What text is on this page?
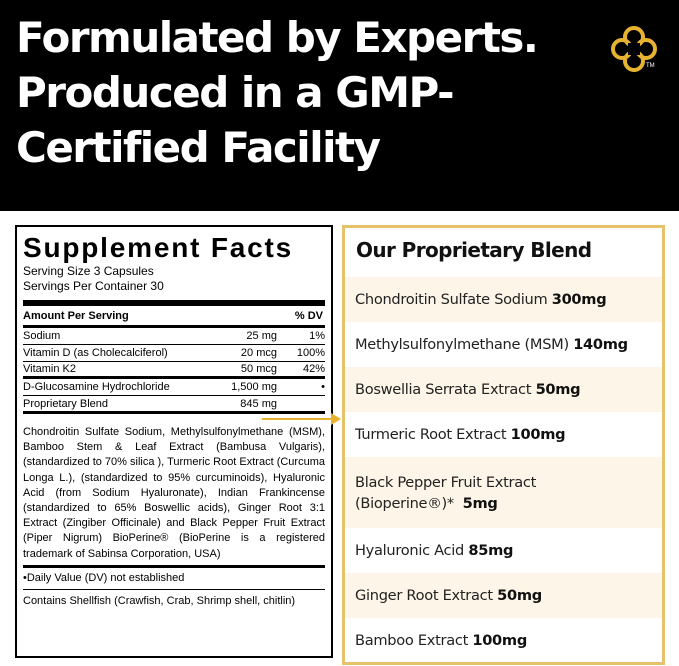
Formulated by Experts.
Produced in a GMP-
Certified Facility
TM
Supplement Facts
Serving Size 3 Capsules
Servings Per Container 30
Amount Per Serving	% DV
Sodium	25 mg	1%
Vitamin D (as Cholecalciferol)	20 mcg	100%
Vitamin K2	50 mcg	42%
D-Glucosamine Hydrochloride	1,500 mg	•
Proprietary Blend	845 mg
Chondroitin Sulfate Sodium, Methylsulfonylmethane (MSM), Bamboo Stem & Leaf Extract (Bambusa Vulgaris), (standardized to 70% silica ), Turmeric Root Extract (Curcuma Longa L.), (standardized to 95% curcuminoids), Hyaluronic Acid (from Sodium Hyaluronate), Indian Frankincense (standardized to 65% Boswellic acids), Ginger Root 3:1 Extract (Zingiber Officinale) and Black Pepper Fruit Extract (Piper Nigrum) BioPerine® (BioPerine is a registered trademark of Sabinsa Corporation, USA)
•Daily Value (DV) not established
Contains Shellfish (Crawfish, Crab, Shrimp shell, chitlin)
Our Proprietary Blend
Chondroitin Sulfate Sodium 300mg
Methylsulfonylmethane (MSM) 140mg
Boswellia Serrata Extract 50mg
Turmeric Root Extract 100mg
Black Pepper Fruit Extract (Bioperine®)* 5mg
Hyaluronic Acid 85mg
Ginger Root Extract 50mg
Bamboo Extract 100mg
